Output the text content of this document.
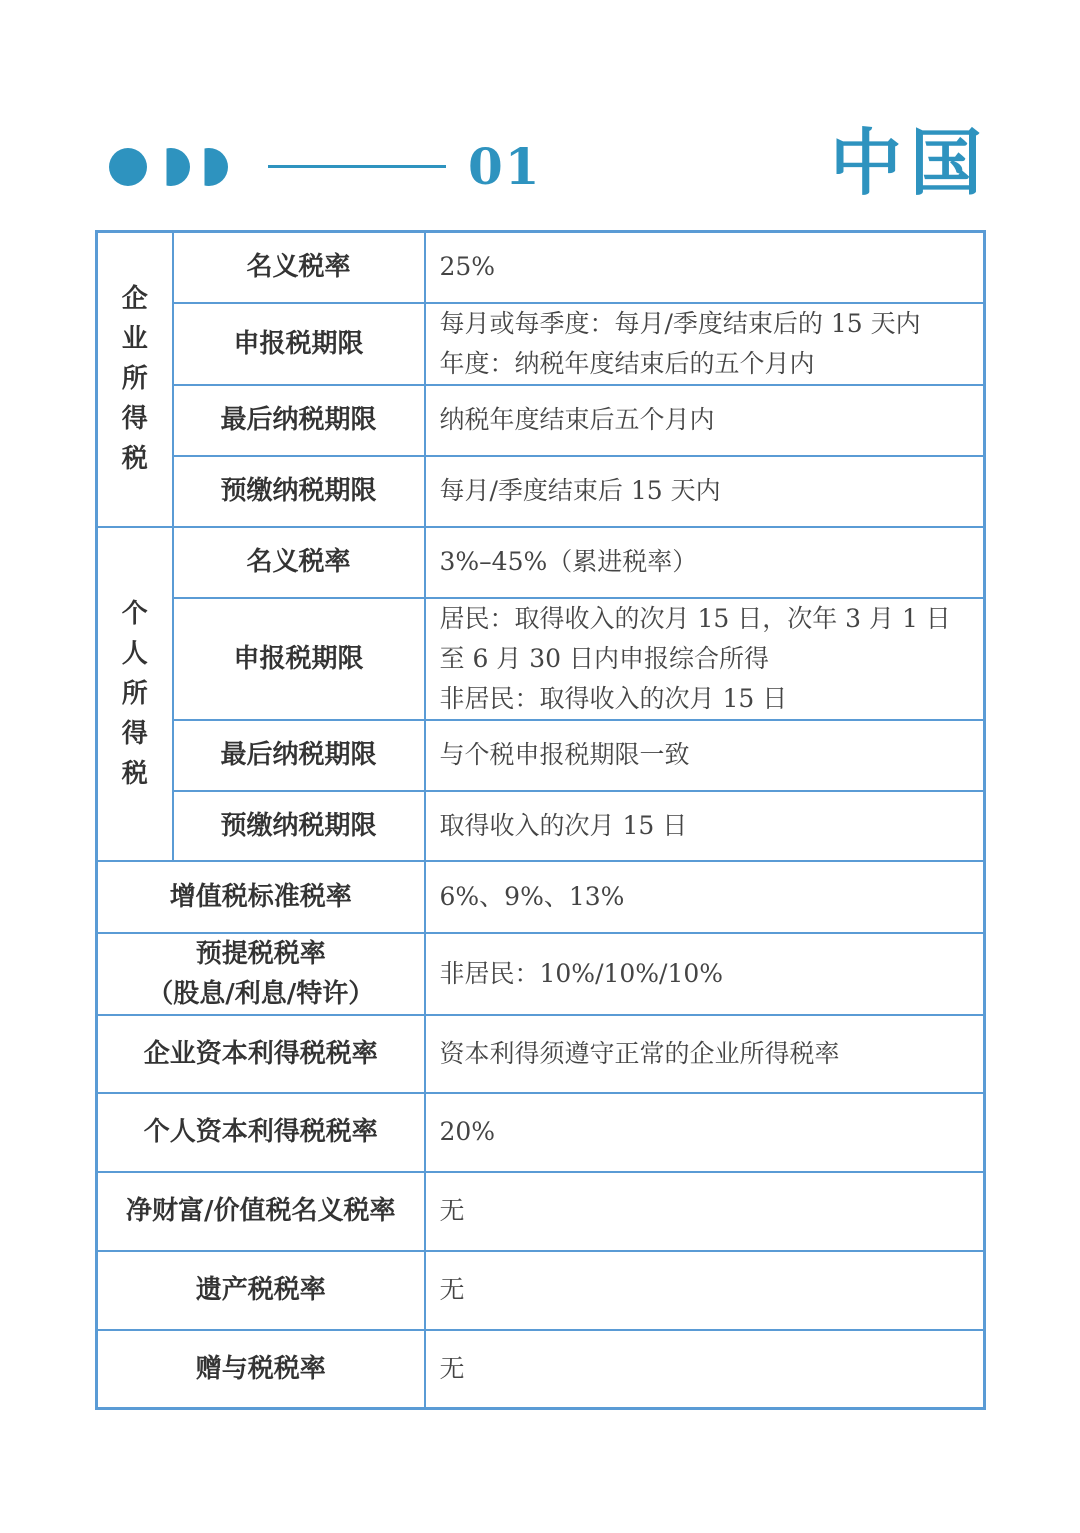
01	中国
企
业
所
得
税	名义税率	25%

	申报税期限	每月或每季度：每月/季度结束后的 15 天内
年度：纳税年度结束后的五个月内

	最后纳税期限	纳税年度结束后五个月内

	预缴纳税期限	每月/季度结束后 15 天内

个
人
所
得
税	名义税率	3%–45%（累进税率）

	申报税期限	居民：取得收入的次月 15 日，次年 3 月 1 日
至 6 月 30 日内申报综合所得
非居民：取得收入的次月 15 日

	最后纳税期限	与个税申报税期限一致

	预缴纳税期限	取得收入的次月 15 日

增值税标准税率		6%、9%、13%

预提税税率
（股息/利息/特许）		非居民：10%/10%/10%

企业资本利得税税率		资本利得须遵守正常的企业所得税率

个人资本利得税税率		20%

净财富/价值税名义税率		无

遗产税税率		无

赠与税税率		无
